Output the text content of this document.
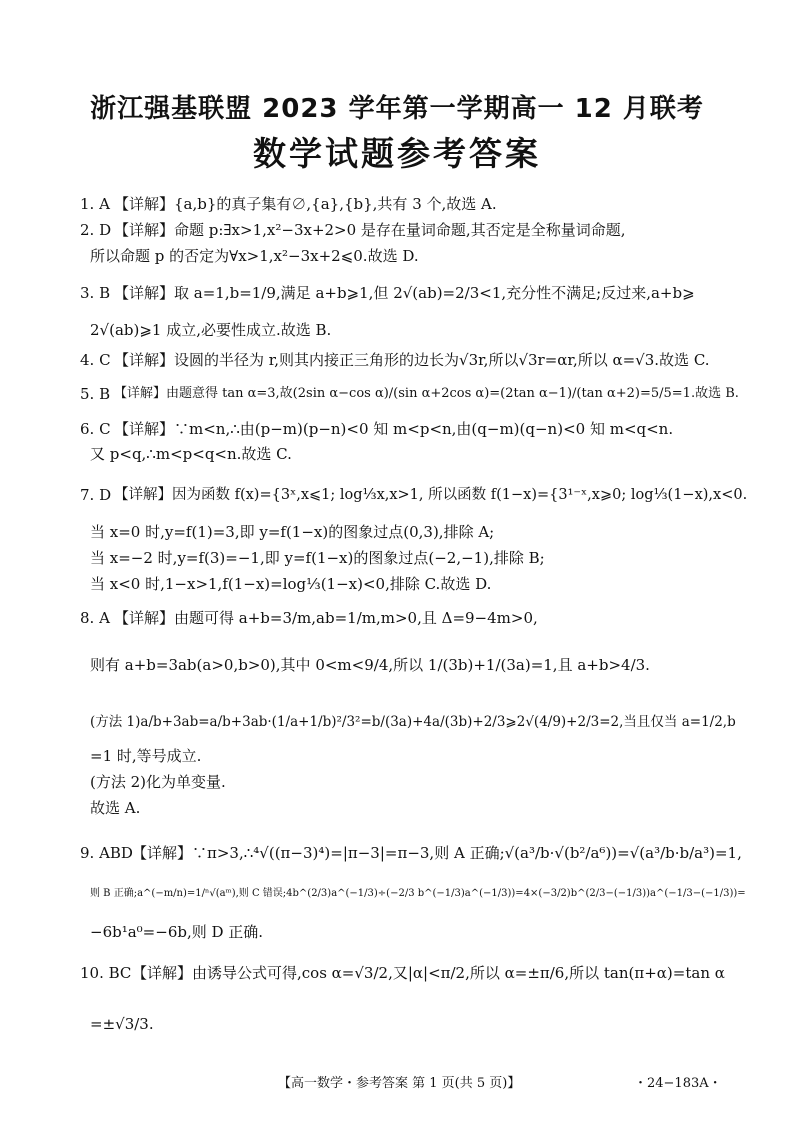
浙江强基联盟 2023 学年第一学期高一 12 月联考
数学试题参考答案
1. A 【详解】{a,b}的真子集有∅,{a},{b},共有 3 个,故选 A.
2. D 【详解】命题 p:∃x>1,x²−3x+2>0 是存在量词命题,其否定是全称量词命题,
所以命题 p 的否定为∀x>1,x²−3x+2⩽0.故选 D.
3. B 【详解】取 a=1,b=1/9,满足 a+b⩾1,但 2√(ab)=2/3<1,充分性不满足;反过来,a+b⩾
2√(ab)⩾1 成立,必要性成立.故选 B.
4. C 【详解】设圆的半径为 r,则其内接正三角形的边长为√3r,所以√3r=αr,所以 α=√3.故选 C.
5. B 【详解】由题意得 tan α=3,故(2sin α−cos α)/(sin α+2cos α)=(2tan α−1)/(tan α+2)=5/5=1.故选 B.
6. C 【详解】∵m<n,∴由(p−m)(p−n)<0 知 m<p<n,由(q−m)(q−n)<0 知 m<q<n.
又 p<q,∴m<p<q<n.故选 C.
7. D 【详解】因为函数 f(x)={3ˣ,x⩽1; log⅓x,x>1, 所以函数 f(1−x)={3¹⁻ˣ,x⩾0; log⅓(1−x),x<0.
当 x=0 时,y=f(1)=3,即 y=f(1−x)的图象过点(0,3),排除 A;
当 x=−2 时,y=f(3)=−1,即 y=f(1−x)的图象过点(−2,−1),排除 B;
当 x<0 时,1−x>1,f(1−x)=log⅓(1−x)<0,排除 C.故选 D.
8. A 【详解】由题可得 a+b=3/m,ab=1/m,m>0,且 Δ=9−4m>0,
则有 a+b=3ab(a>0,b>0),其中 0<m<9/4,所以 1/(3b)+1/(3a)=1,且 a+b>4/3.
(方法 1)a/b+3ab=a/b+3ab·(1/a+1/b)²/3²=b/(3a)+4a/(3b)+2/3⩾2√(4/9)+2/3=2,当且仅当 a=1/2,b
=1 时,等号成立.
(方法 2)化为单变量.
故选 A.
9. ABD 【详解】∵π>3,∴⁴√((π−3)⁴)=|π−3|=π−3,则 A 正确;√(a³/b·√(b²/a⁶))=√(a³/b·b/a³)=1,
则 B 正确;a^(−m/n)=1/ⁿ√(aᵐ),则 C 错误;4b^(2/3)a^(−1/3)÷(−2/3 b^(−1/3)a^(−1/3))=4×(−3/2)b^(2/3−(−1/3))a^(−1/3−(−1/3))=
−6b¹a⁰=−6b,则 D 正确.
10. BC 【详解】由诱导公式可得,cos α=√3/2,又|α|<π/2,所以 α=±π/6,所以 tan(π+α)=tan α
=±√3/3.
【高一数学・参考答案 第 1 页(共 5 页)】	・24−183A・
